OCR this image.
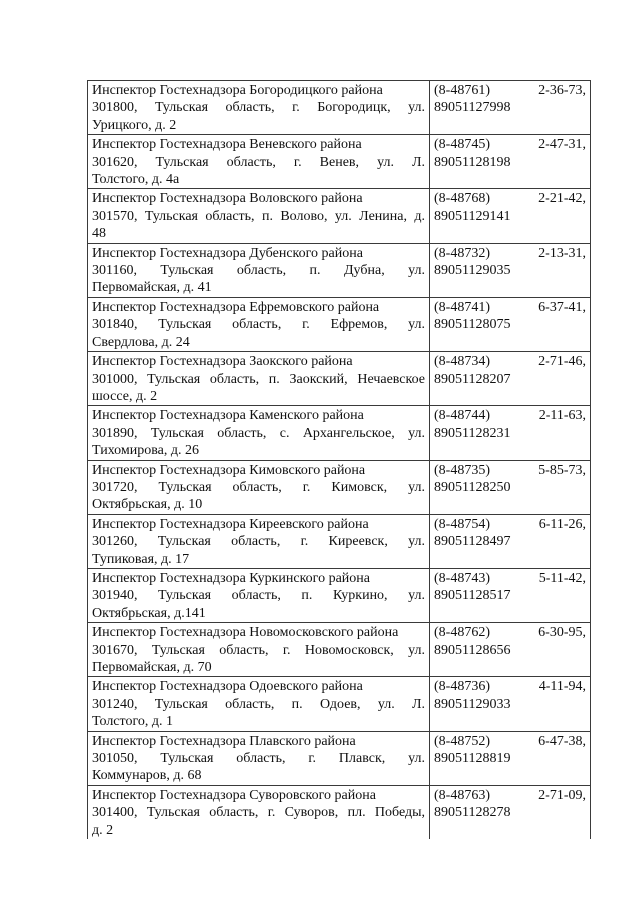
Инспектор Гостехнадзора Богородицкого района
301800, Тульская область, г. Богородицк, ул.
Урицкого, д. 2	(8-48761) 2-36-73,
89051127998

Инспектор Гостехнадзора Веневского района
301620, Тульская область, г. Венев, ул. Л.
Толстого, д. 4а	(8-48745) 2-47-31,
89051128198

Инспектор Гостехнадзора Воловского района
301570, Тульская область, п. Волово, ул. Ленина, д.
48	(8-48768) 2-21-42,
89051129141

Инспектор Гостехнадзора Дубенского района
301160, Тульская область, п. Дубна, ул.
Первомайская, д. 41	(8-48732) 2-13-31,
89051129035

Инспектор Гостехнадзора Ефремовского района
301840, Тульская область, г. Ефремов, ул.
Свердлова, д. 24	(8-48741) 6-37-41,
89051128075

Инспектор Гостехнадзора Заокского района
301000, Тульская область, п. Заокский, Нечаевское
шоссе, д. 2	(8-48734) 2-71-46,
89051128207

Инспектор Гостехнадзора Каменского района
301890, Тульская область, с. Архангельское, ул.
Тихомирова, д. 26	(8-48744) 2-11-63,
89051128231

Инспектор Гостехнадзора Кимовского района
301720, Тульская область, г. Кимовск, ул.
Октябрьская, д. 10	(8-48735) 5-85-73,
89051128250

Инспектор Гостехнадзора Киреевского района
301260, Тульская область, г. Киреевск, ул.
Тупиковая, д. 17	(8-48754) 6-11-26,
89051128497

Инспектор Гостехнадзора Куркинского района
301940, Тульская область, п. Куркино, ул.
Октябрьская, д.141	(8-48743) 5-11-42,
89051128517

Инспектор Гостехнадзора Новомосковского района
301670, Тульская область, г. Новомосковск, ул.
Первомайская, д. 70	(8-48762) 6-30-95,
89051128656

Инспектор Гостехнадзора Одоевского района
301240, Тульская область, п. Одоев, ул. Л.
Толстого, д. 1	(8-48736) 4-11-94,
89051129033

Инспектор Гостехнадзора Плавского района
301050, Тульская область, г. Плавск, ул.
Коммунаров, д. 68	(8-48752) 6-47-38,
89051128819

Инспектор Гостехнадзора Суворовского района
301400, Тульская область, г. Суворов, пл. Победы,
д. 2	(8-48763) 2-71-09,
89051128278
